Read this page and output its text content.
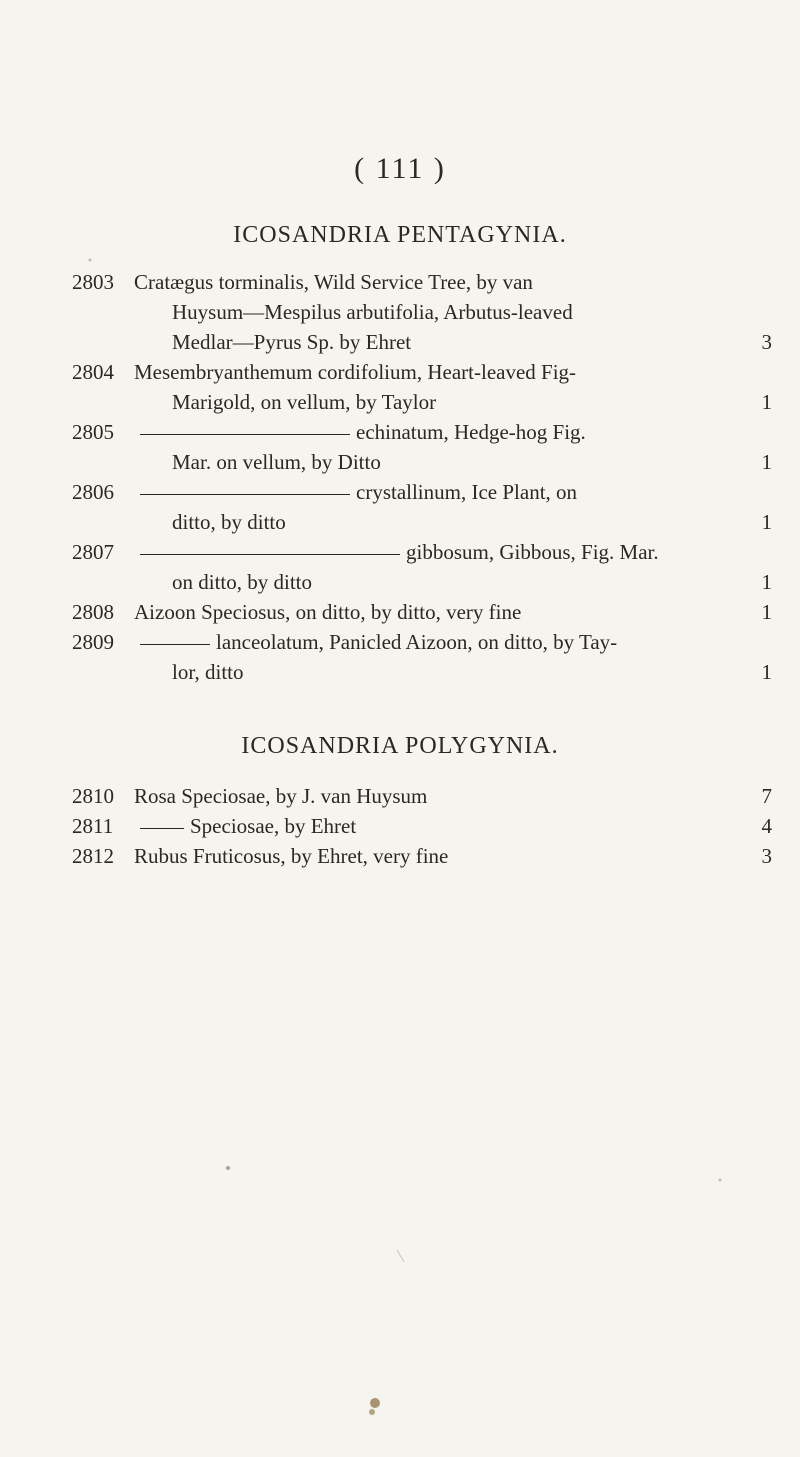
( 111 )
ICOSANDRIA PENTAGYNIA.
2803 Cratægus torminalis, Wild Service Tree, by van
Huysum—Mespilus arbutifolia, Arbutus-leaved
Medlar—Pyrus Sp. by Ehret	3
2804 Mesembryanthemum cordifolium, Heart-leaved Fig-
Marigold, on vellum, by Taylor	1
2805	echinatum, Hedge-hog Fig.
Mar. on vellum, by Ditto	1
2806	crystallinum, Ice Plant, on
ditto, by ditto	1
2807	gibbosum, Gibbous, Fig. Mar.
on ditto, by ditto	1
2808 Aizoon Speciosus, on ditto, by ditto, very fine	1
2809	lanceolatum, Panicled Aizoon, on ditto, by Tay-
lor, ditto	1
ICOSANDRIA POLYGYNIA.
2810 Rosa Speciosae, by J. van Huysum	7
2811	Speciosae, by Ehret	4
2812 Rubus Fruticosus, by Ehret, very fine	3
